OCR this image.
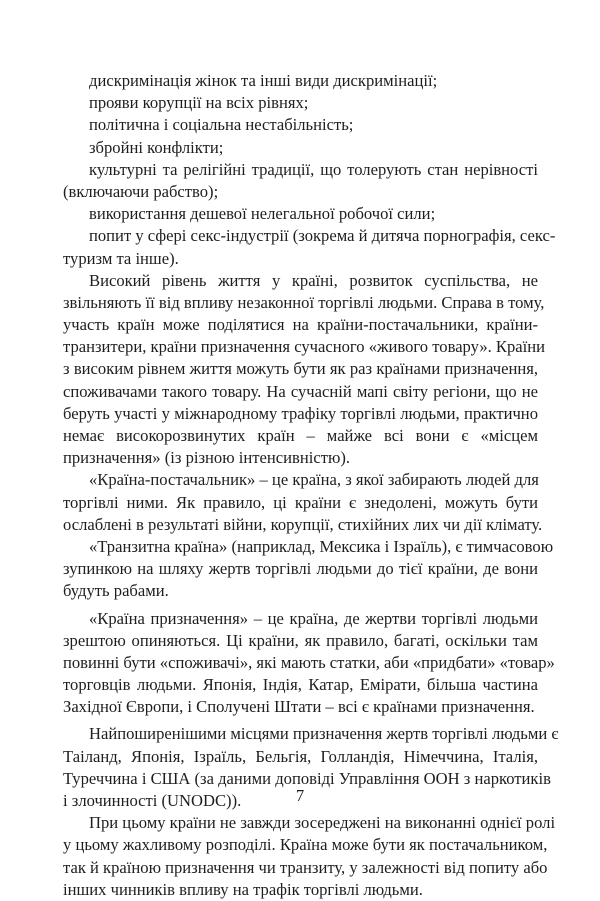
дискримінація жінок та інші види дискримінації;

прояви корупції на всіх рівнях;

політична і соціальна нестабільність;

збройні конфлікти;

культурні та релігійні традиції, що толерують стан нерівності
(включаючи рабство);

використання дешевої нелегальної робочої сили;

попит у сфері секс-індустрії (зокрема й дитяча порнографія, секс-
туризм та інше).

Високий рівень життя у країні, розвиток суспільства, не
звільняють її від впливу незаконної торгівлі людьми. Справа в тому,
участь країн може поділятися на країни-постачальники, країни-
транзитери, країни призначення сучасного «живого товару». Країни
з високим рівнем життя можуть бути як раз країнами призначення,
споживачами такого товару. На сучасній мапі світу регіони, що не
беруть участі у міжнародному трафіку торгівлі людьми, практично
немає високорозвинутих країн – майже всі вони є «місцем
призначення» (із різною інтенсивністю).

«Країна-постачальник» – це країна, з якої забирають людей для
торгівлі ними. Як правило, ці країни є знедолені, можуть бути
ослаблені в результаті війни, корупції, стихійних лих чи дії клімату.

«Транзитна країна» (наприклад, Мексика і Ізраїль), є тимчасовою
зупинкою на шляху жертв торгівлі людьми до тієї країни, де вони
будуть рабами.

«Країна призначення» – це країна, де жертви торгівлі людьми
зрештою опиняються. Ці країни, як правило, багаті, оскільки там
повинні бути «споживачі», які мають статки, аби «придбати» «товар»
торговців людьми. Японія, Індія, Катар, Емірати, більша частина
Західної Європи, і Сполучені Штати – всі є країнами призначення.

Найпоширенішими місцями призначення жертв торгівлі людьми є
Таіланд, Японія, Ізраїль, Бельгія, Голландія, Німеччина, Італія,
Туреччина і США (за даними доповіді Управління ООН з наркотиків
і злочинності (UNODC)).

При цьому країни не завжди зосереджені на виконанні однієї ролі
у цьому жахливому розподілі. Країна може бути як постачальником,
так й країною призначення чи транзиту, у залежності від попиту або
інших чинників впливу на трафік торгівлі людьми.

7
